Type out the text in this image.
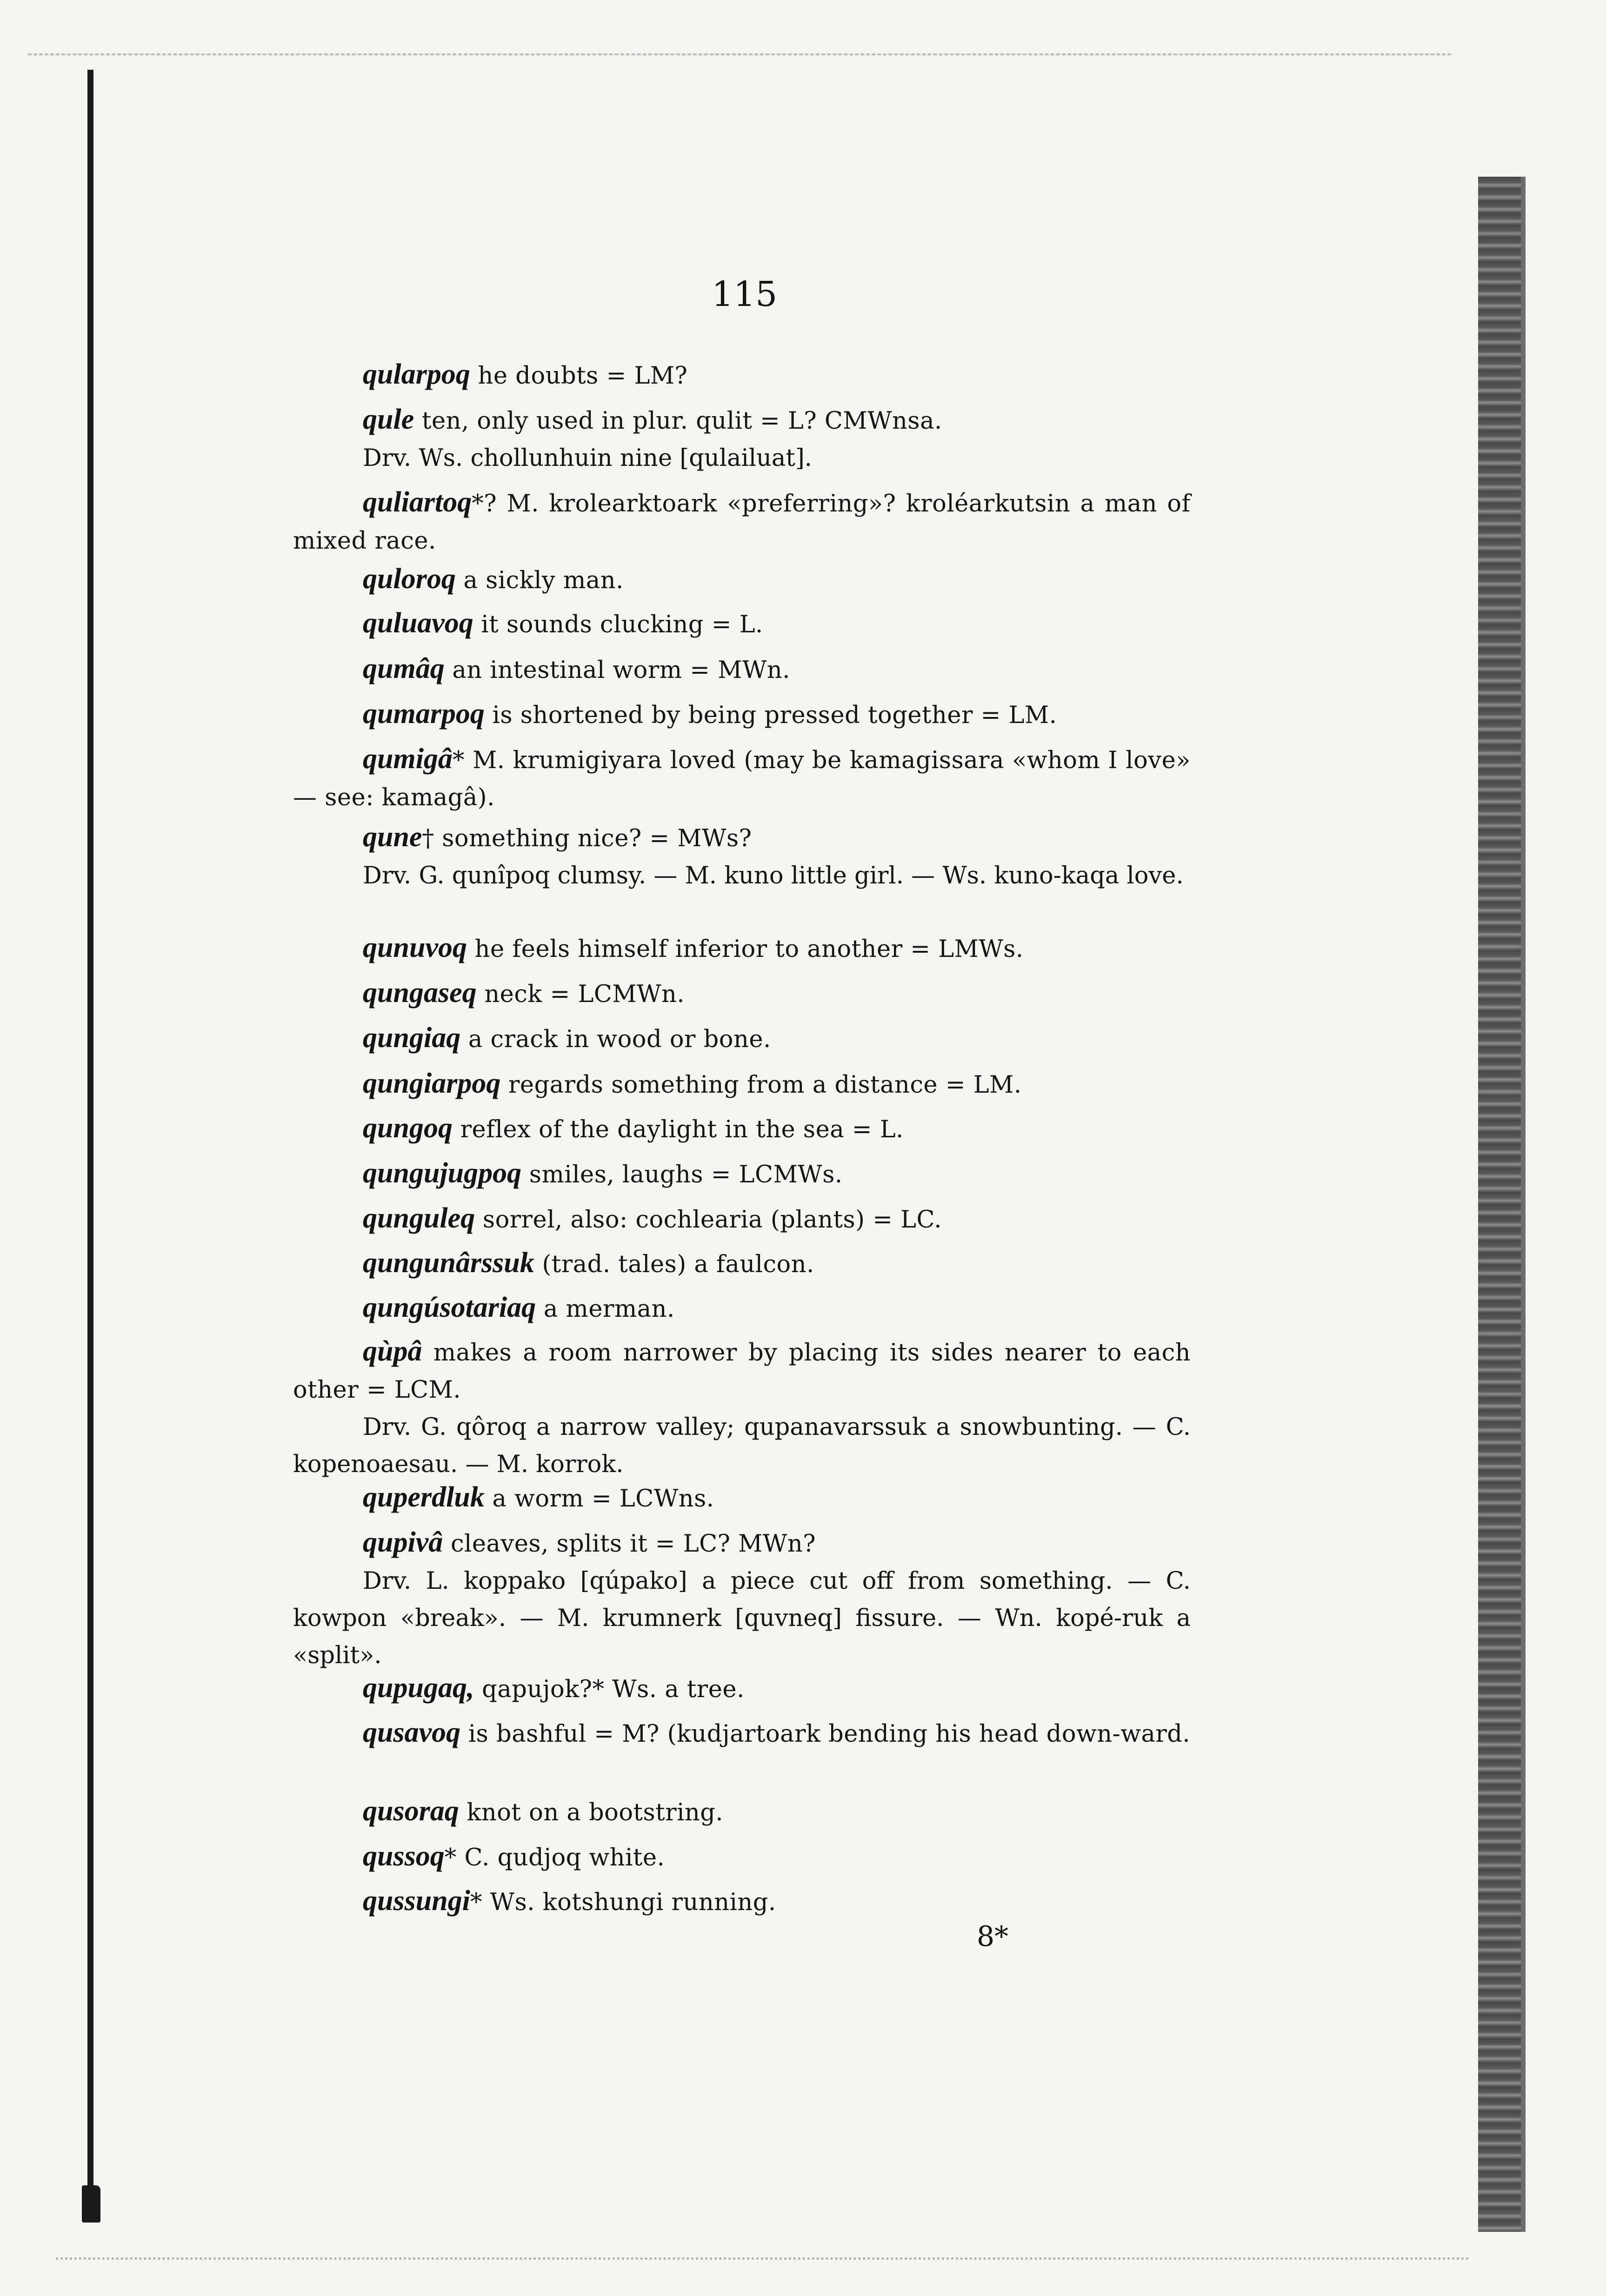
115

qularpoq he doubts = LM?

qule ten, only used in plur. qulit = L? CMWnsa.
Drv. Ws. chollunhuin nine [qulailuat].

quliartoq*? M. krolearktoark «preferring»? kroléarkutsin a man of mixed race.

quloroq a sickly man.

quluavoq it sounds clucking = L.

qumâq an intestinal worm = MWn.

qumarpoq is shortened by being pressed together = LM.

qumigâ* M. krumigiyara loved (may be kamagissara «whom I love» — see: kamagâ).

qune† something nice? = MWs?
Drv. G. qunîpoq clumsy. — M. kuno little girl. — Ws. kuno-kaqa love.

qunuvoq he feels himself inferior to another = LMWs.

qungaseq neck = LCMWn.

qungiaq a crack in wood or bone.

qungiarpoq regards something from a distance = LM.

qungoq reflex of the daylight in the sea = L.

qungujugpoq smiles, laughs = LCMWs.

qunguleq sorrel, also: cochlearia (plants) = LC.

qungunârssuk (trad. tales) a faulcon.

qungúsotariaq a merman.

qùpâ makes a room narrower by placing its sides nearer to each other = LCM.
Drv. G. qôroq a narrow valley; qupanavarssuk a snowbunting. — C. kopenoaesau. — M. korrok.

quperdluk a worm = LCWns.

qupivâ cleaves, splits it = LC? MWn?
Drv. L. koppako [qúpako] a piece cut off from something. — C. kowpon «break». — M. krumnerk [quvneq] fissure. — Wn. kopé-ruk a «split».

qupugaq, qapujok?* Ws. a tree.

qusavoq is bashful = M? (kudjartoark bending his head down-ward.

qusoraq knot on a bootstring.

qussoq* C. qudjoq white.

qussungi* Ws. kotshungi running.

8*
